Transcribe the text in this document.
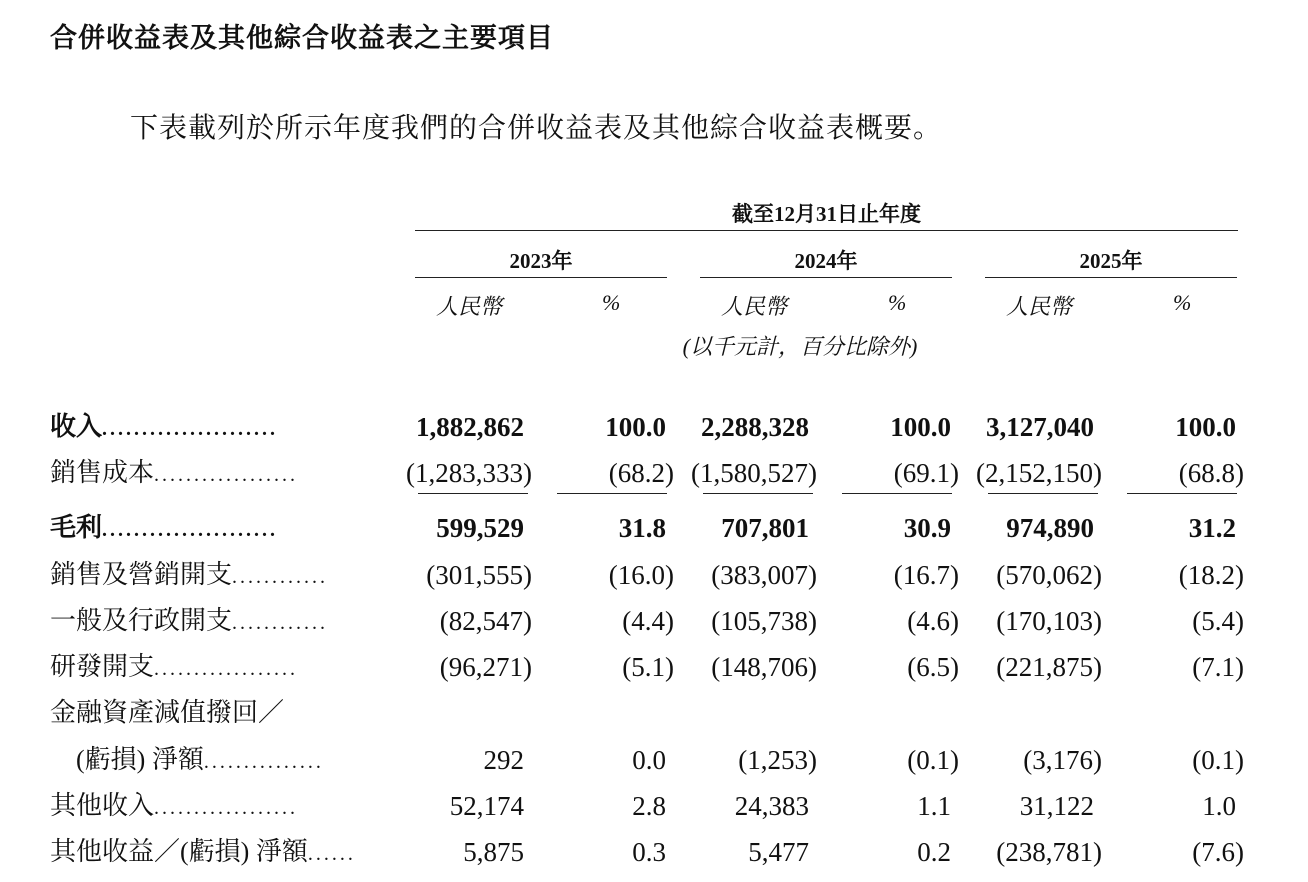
合併收益表及其他綜合收益表之主要項目
下表載列於所示年度我們的合併收益表及其他綜合收益表概要。
截至12月31日止年度
2023年	2024年	2025年
人民幣	%	人民幣	%	人民幣	%
(以千元計，百分比除外)
收入......................	1,882,862	100.0 2,288,328	100.0 3,127,040	100.0
銷售成本..................	(1,283,333)	(68.2) (1,580,527)	(69.1) (2,152,150)	(68.8)
毛利......................	599,529	31.8 707,801	30.9 974,890	31.2
銷售及營銷開支............	(301,555)	(16.0) (383,007)	(16.7) (570,062)	(18.2)
一般及行政開支............	(82,547)	(4.4) (105,738)	(4.6) (170,103)	(5.4)
研發開支..................	(96,271)	(5.1) (148,706)	(6.5) (221,875)	(7.1)
金融資產減值撥回／
(虧損) 淨額...............	292	0.0	(1,253)	(0.1) (3,176)	(0.1)
其他收入..................	52,174	2.8	24,383	1.1	31,122	1.0
其他收益／(虧損) 淨額......	5,875	0.3	5,477	0.2 (238,781)	(7.6)
